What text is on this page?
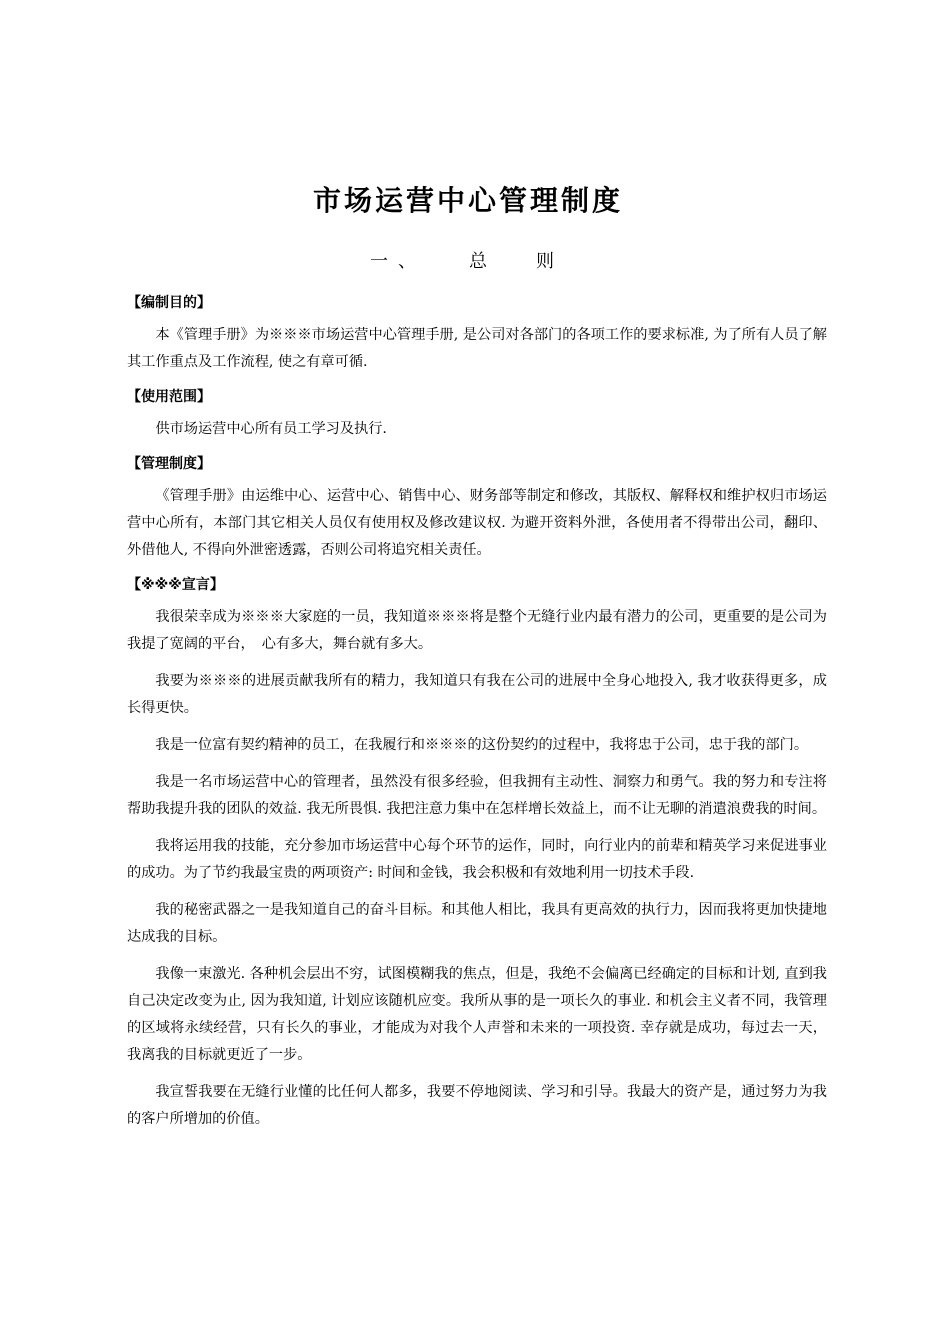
市场运营中心管理制度
一 、	总	则
【编制目的】

本《管理手册》为※※※市场运营中心管理手册, 是公司对各部门的各项工作的要求标准, 为了所有人员了解其工作重点及工作流程, 使之有章可循.

【使用范围】

供市场运营中心所有员工学习及执行.

【管理制度】

《管理手册》由运维中心、运营中心、销售中心、财务部等制定和修改，其版权、解释权和维护权归市场运营中心所有，本部门其它相关人员仅有使用权及修改建议权. 为避开资料外泄，各使用者不得带出公司，翻印、外借他人, 不得向外泄密透露，否则公司将追究相关责任。

【※※※宣言】

我很荣幸成为※※※大家庭的一员，我知道※※※将是整个无缝行业内最有潜力的公司，更重要的是公司为我提了宽阔的平台，　心有多大，舞台就有多大。

我要为※※※的进展贡献我所有的精力，我知道只有我在公司的进展中全身心地投入, 我才收获得更多，成长得更快。

我是一位富有契约精神的员工，在我履行和※※※的这份契约的过程中，我将忠于公司，忠于我的部门。

我是一名市场运营中心的管理者，虽然没有很多经验，但我拥有主动性、洞察力和勇气。我的努力和专注将帮助我提升我的团队的效益. 我无所畏惧. 我把注意力集中在怎样增长效益上，而不让无聊的消遣浪费我的时间。

我将运用我的技能，充分参加市场运营中心每个环节的运作，同时，向行业内的前辈和精英学习来促进事业的成功。为了节约我最宝贵的两项资产: 时间和金钱，我会积极和有效地利用一切技术手段.

我的秘密武器之一是我知道自己的奋斗目标。和其他人相比，我具有更高效的执行力，因而我将更加快捷地达成我的目标。

我像一束激光. 各种机会层出不穷，试图模糊我的焦点，但是，我绝不会偏离已经确定的目标和计划, 直到我自己决定改变为止, 因为我知道, 计划应该随机应变。我所从事的是一项长久的事业. 和机会主义者不同，我管理的区域将永续经营，只有长久的事业，才能成为对我个人声誉和未来的一项投资. 幸存就是成功，每过去一天，我离我的目标就更近了一步。

我宣誓我要在无缝行业懂的比任何人都多，我要不停地阅读、学习和引导。我最大的资产是，通过努力为我的客户所增加的价值。
